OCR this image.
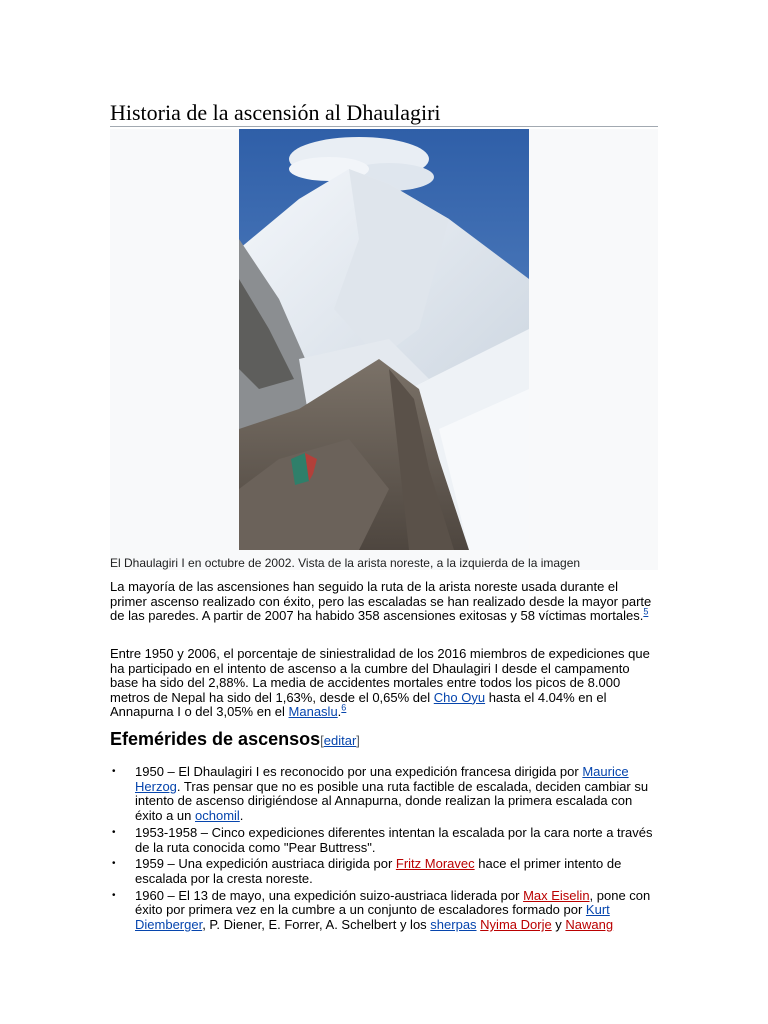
Historia de la ascensión al Dhaulagiri
El Dhaulagiri I en octubre de 2002. Vista de la arista noreste, a la izquierda de la imagen

La mayoría de las ascensiones han seguido la ruta de la arista noreste usada durante el primer ascenso realizado con éxito, pero las escaladas se han realizado desde la mayor parte de las paredes. A partir de 2007 ha habido 358 ascensiones exitosas y 58 víctimas mortales.$^5$

Entre 1950 y 2006, el porcentaje de siniestralidad de los 2016 miembros de expediciones que ha participado en el intento de ascenso a la cumbre del Dhaulagiri I desde el campamento base ha sido del 2,88%. La media de accidentes mortales entre todos los picos de 8.000 metros de Nepal ha sido del 1,63%, desde el 0,65% del Cho Oyu hasta el 4.04% en el Annapurna I o del 3,05% en el Manaslu.$^6$

Efemérides de ascensos[editar]
• 1950 – El Dhaulagiri I es reconocido por una expedición francesa dirigida por Maurice Herzog. Tras pensar que no es posible una ruta factible de escalada, deciden cambiar su intento de ascenso dirigiéndose al Annapurna, donde realizan la primera escalada con éxito a un ochomil.
• 1953-1958 – Cinco expediciones diferentes intentan la escalada por la cara norte a través de la ruta conocida como "Pear Buttress".
• 1959 – Una expedición austriaca dirigida por Fritz Moravec hace el primer intento de escalada por la cresta noreste.
• 1960 – El 13 de mayo, una expedición suizo-austriaca liderada por Max Eiselin, pone con éxito por primera vez en la cumbre a un conjunto de escaladores formado por Kurt Diemberger, P. Diener, E. Forrer, A. Schelbert y los sherpas Nyima Dorje y Nawang
